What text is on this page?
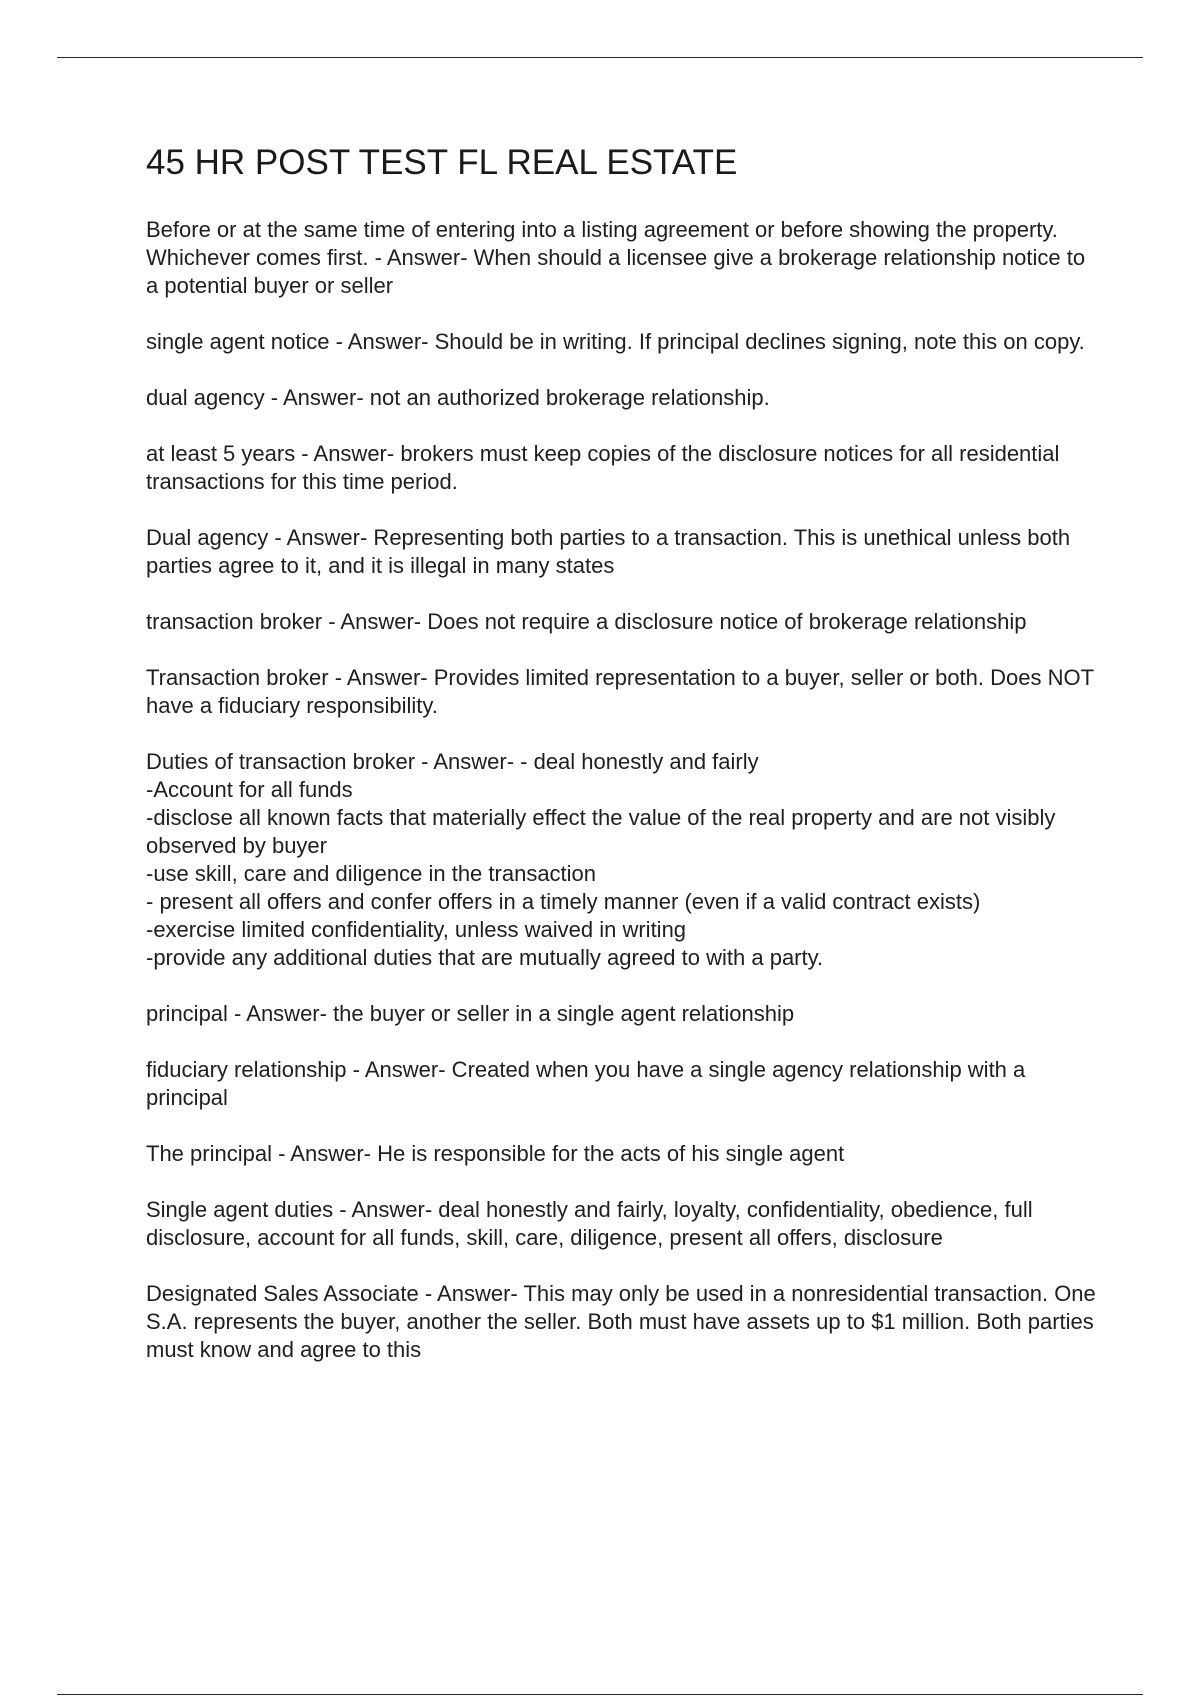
45 HR POST TEST FL REAL ESTATE

Before or at the same time of entering into a listing agreement or before showing the property. Whichever comes first. - Answer- When should a licensee give a brokerage relationship notice to a potential buyer or seller

single agent notice - Answer- Should be in writing. If principal declines signing, note this on copy.

dual agency - Answer- not an authorized brokerage relationship.

at least 5 years - Answer- brokers must keep copies of the disclosure notices for all residential transactions for this time period.

Dual agency - Answer- Representing both parties to a transaction. This is unethical unless both parties agree to it, and it is illegal in many states

transaction broker - Answer- Does not require a disclosure notice of brokerage relationship

Transaction broker - Answer- Provides limited representation to a buyer, seller or both. Does NOT have a fiduciary responsibility.

Duties of transaction broker - Answer- - deal honestly and fairly
-Account for all funds
-disclose all known facts that materially effect the value of the real property and are not visibly observed by buyer
-use skill, care and diligence in the transaction
- present all offers and confer offers in a timely manner (even if a valid contract exists)
-exercise limited confidentiality, unless waived in writing
-provide any additional duties that are mutually agreed to with a party.

principal - Answer- the buyer or seller in a single agent relationship

fiduciary relationship - Answer- Created when you have a single agency relationship with a principal

The principal - Answer- He is responsible for the acts of his single agent

Single agent duties - Answer- deal honestly and fairly, loyalty, confidentiality, obedience, full disclosure, account for all funds, skill, care, diligence, present all offers, disclosure

Designated Sales Associate - Answer- This may only be used in a nonresidential transaction. One S.A. represents the buyer, another the seller. Both must have assets up to $1 million. Both parties must know and agree to this
